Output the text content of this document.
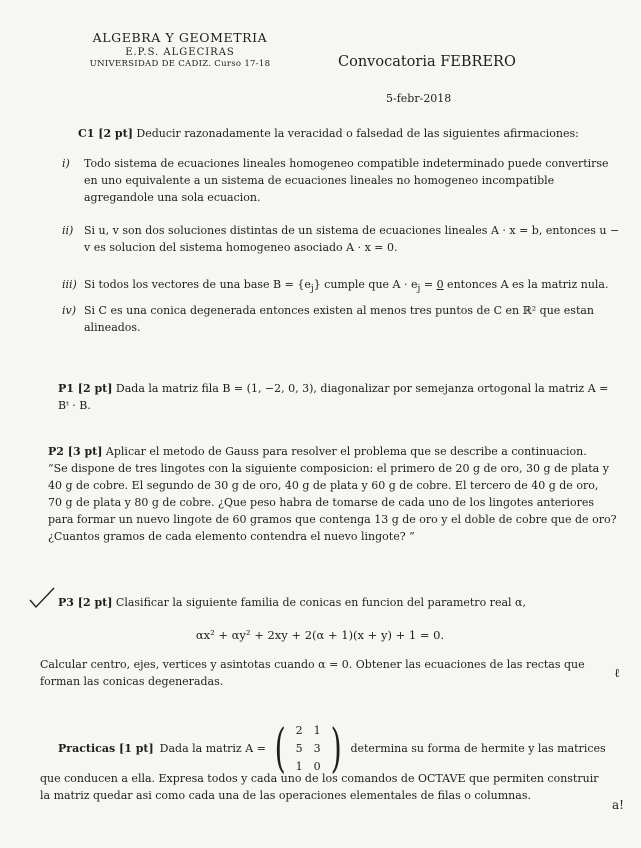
ALGEBRA Y GEOMETRIA
E.P.S. ALGECIRAS
UNIVERSIDAD DE CADIZ. Curso 17-18	Convocatoria FEBRERO
5-febr-2018
C1 [2 pt] Deducir razonadamente la veracidad o falsedad de las siguientes afirmaciones:
i)	Todo sistema de ecuaciones lineales homogeneo compatible indeterminado puede convertirse en uno equivalente a un sistema de ecuaciones lineales no homogeneo incompatible agregandole una sola ecuacion.
ii) Si u, v son dos soluciones distintas de un sistema de ecuaciones lineales A · x = b, entonces u − v es solucion del sistema homogeneo asociado A · x = 0.
iii) Si todos los vectores de una base $B = \{e_j\}$ cumple que $A \cdot e_j = 0$ entonces A es la matriz nula.
iv) Si C es una conica degenerada entonces existen al menos tres puntos de C en ℝ² que estan alineados.
P1 [2 pt] Dada la matriz fila B = (1, −2, 0, 3), diagonalizar por semejanza ortogonal la matriz A = Bᵗ · B.
P2 [3 pt] Aplicar el metodo de Gauss para resolver el problema que se describe a continuacion.
“Se dispone de tres lingotes con la siguiente composicion: el primero de 20 g de oro, 30 g de plata y
40 g de cobre. El segundo de 30 g de oro, 40 g de plata y 60 g de cobre. El tercero de 40 g de oro,
70 g de plata y 80 g de cobre. ¿Que peso habra de tomarse de cada uno de los lingotes anteriores
para formar un nuevo lingote de 60 gramos que contenga 13 g de oro y el doble de cobre que de oro?
¿Cuantos gramos de cada elemento contendra el nuevo lingote? ”
P3 [2 pt] Clasificar la siguiente familia de conicas en funcion del parametro real α,
αx² + αy² + 2xy + 2(α + 1)(x + y) + 1 = 0.
Calcular centro, ejes, vertices y asintotas cuando α = 0. Obtener las ecuaciones de las rectas que
forman las conicas degeneradas.
ℓ
Practicas [1 pt] Dada la matriz A = ( 2	1
5	3
1	0 ) determina su forma de hermite y las matrices
que conducen a ella. Expresa todos y cada uno de los comandos de OCTAVE que permiten construir
la matriz quedar asi como cada una de las operaciones elementales de filas o columnas.
a!
